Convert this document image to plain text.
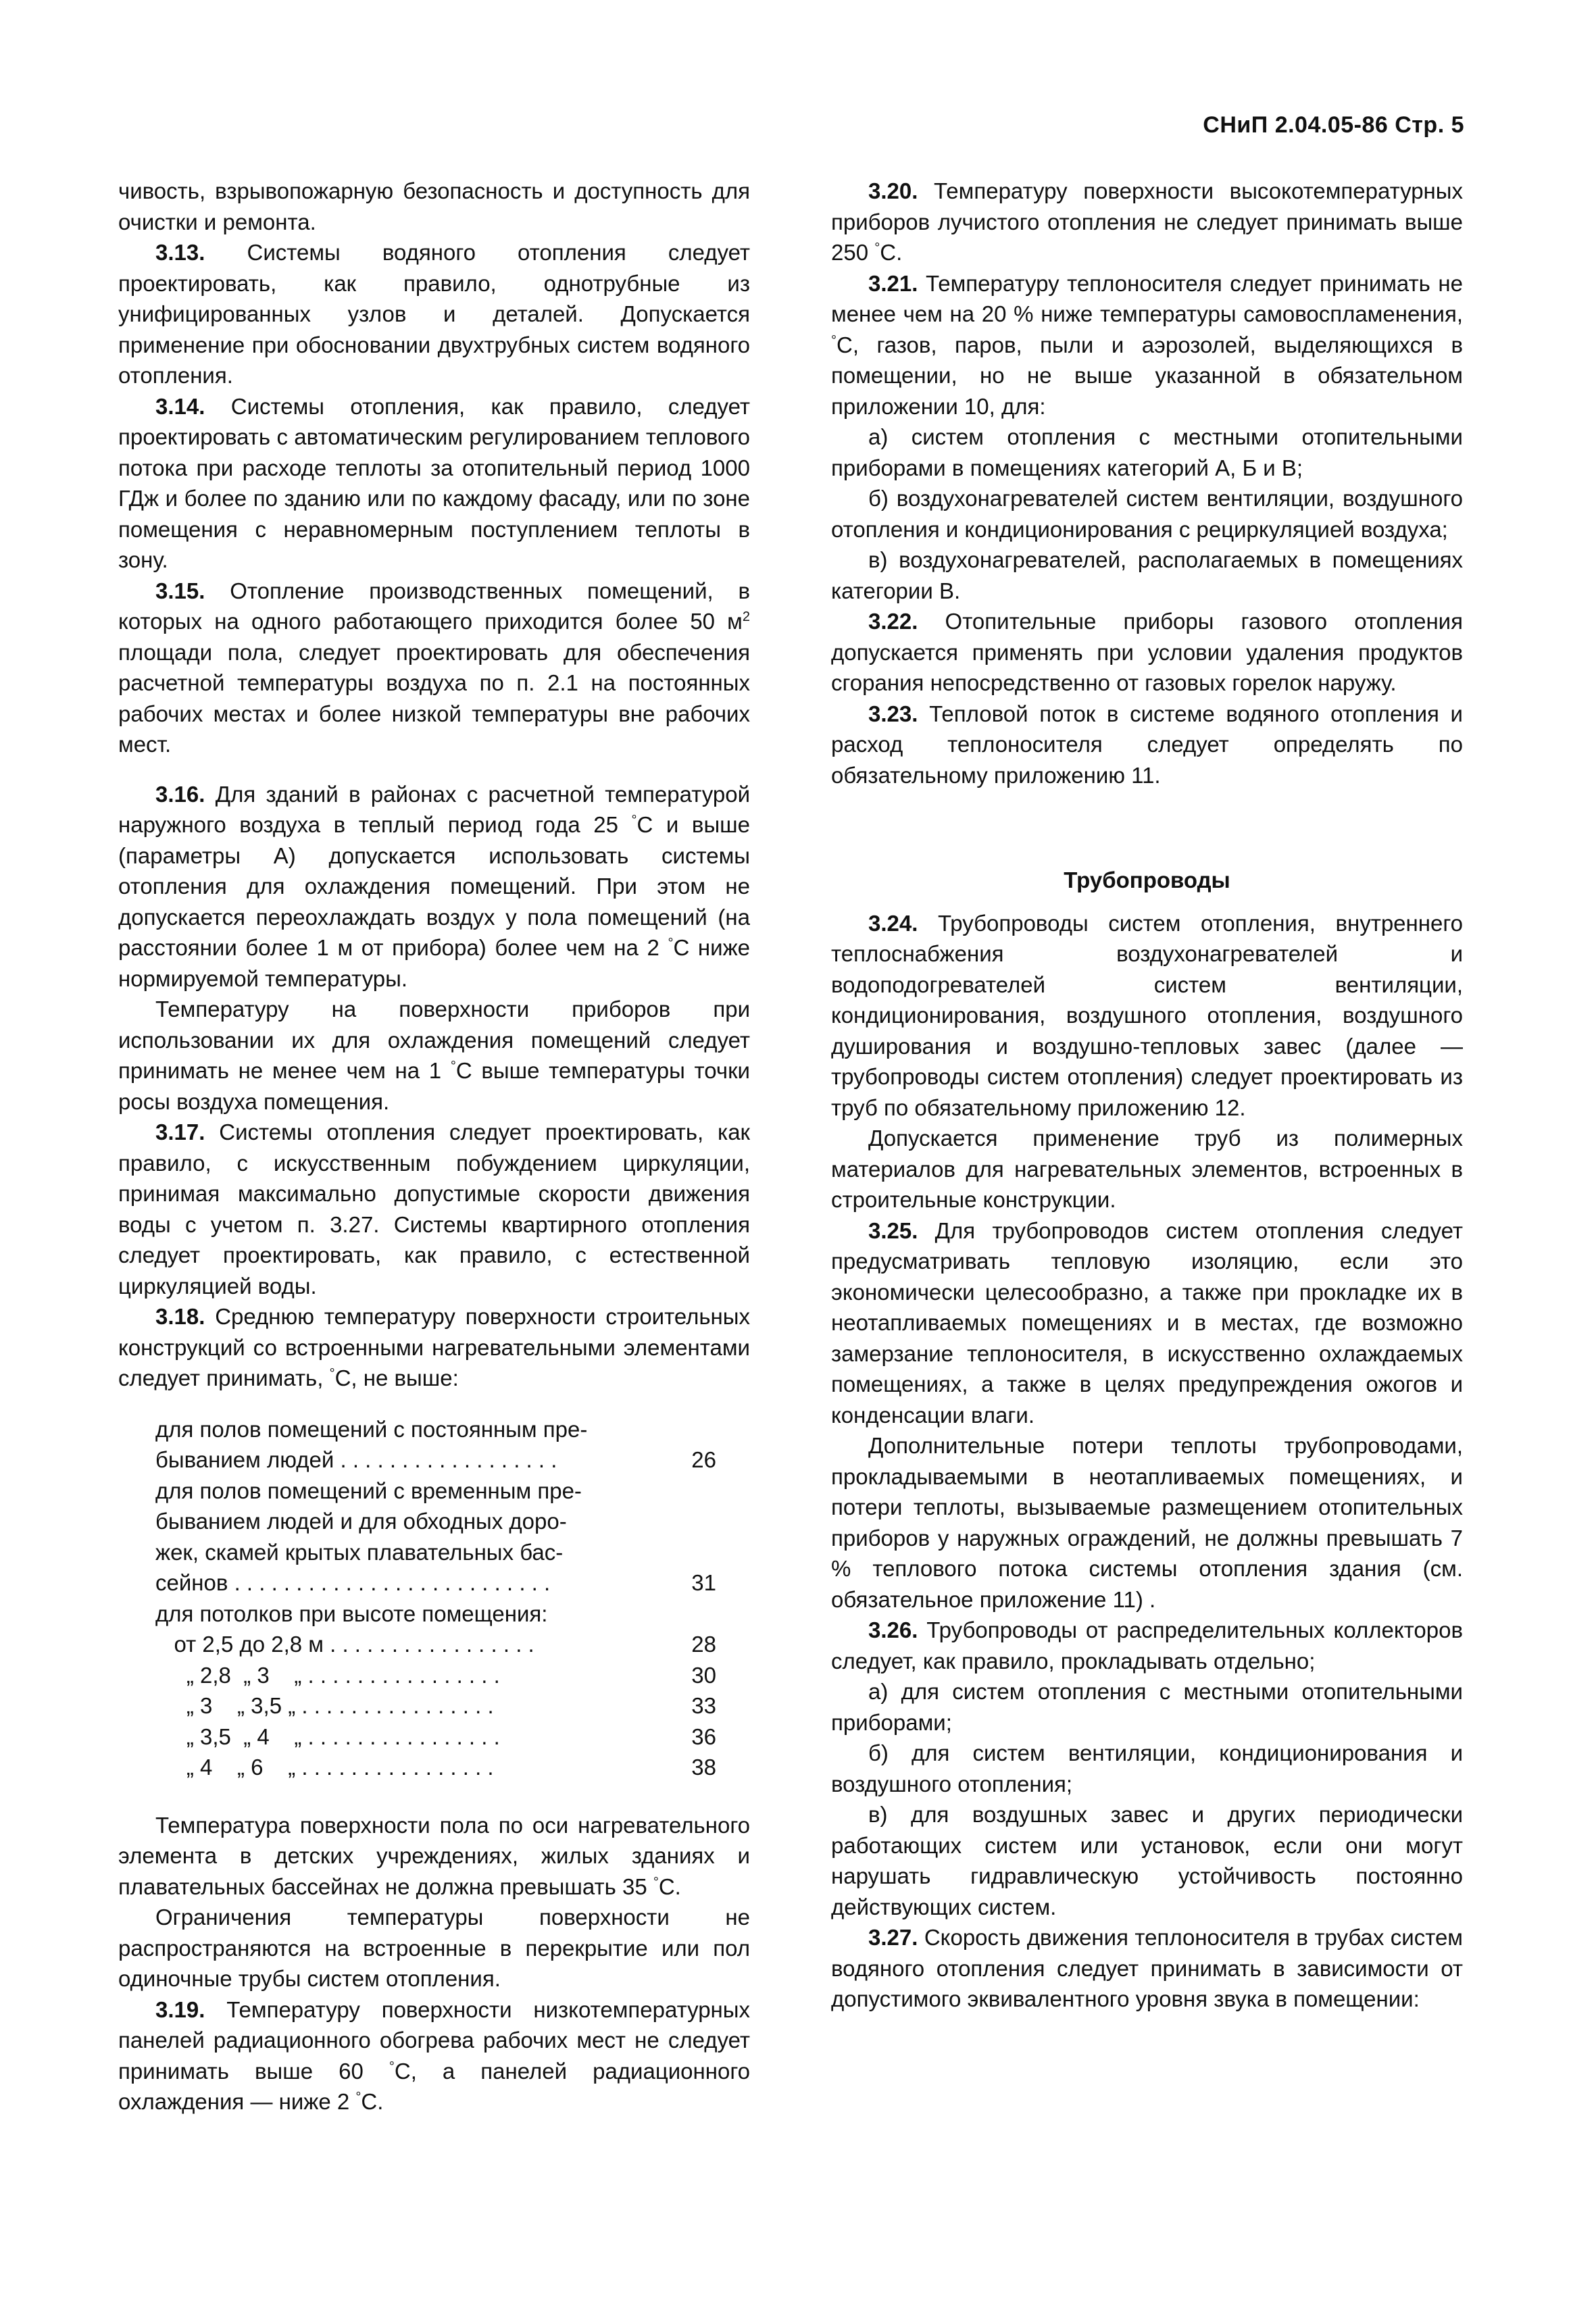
СНиП 2.04.05-86 Стр. 5

чивость, взрывопожарную безопасность и доступность для очистки и ремонта.

3.13. Системы водяного отопления следует проектировать, как правило, однотрубные из унифицированных узлов и деталей. Допускается применение при обосновании двухтрубных систем водяного отопления.

3.14. Системы отопления, как правило, следует проектировать с автоматическим регулированием теплового потока при расходе теплоты за отопительный период 1000 ГДж и более по зданию или по каждому фасаду, или по зоне помещения с неравномерным поступлением теплоты в зону.

3.15. Отопление производственных помещений, в которых на одного работающего приходится более 50 $м^2$ площади пола, следует проектировать для обеспечения расчетной температуры воздуха по п. 2.1 на постоянных рабочих местах и более низкой температуры вне рабочих мест.

3.16. Для зданий в районах с расчетной температурой наружного воздуха в теплый период года 25 °C и выше (параметры А) допускается использовать системы отопления для охлаждения помещений. При этом не допускается переохлаждать воздух у пола помещений (на расстоянии более 1 м от прибора) более чем на 2 °C ниже нормируемой температуры.

Температуру на поверхности приборов при использовании их для охлаждения помещений следует принимать не менее чем на 1 °C выше температуры точки росы воздуха помещения.

3.17. Системы отопления следует проектировать, как правило, с искусственным побуждением циркуляции, принимая максимально допустимые скорости движения воды с учетом п. 3.27. Системы квартирного отопления следует проектировать, как правило, с естественной циркуляцией воды.

3.18. Среднюю температуру поверхности строительных конструкций со встроенными нагревательными элементами следует принимать, °C, не выше:

для полов помещений с постоянным пре-
быванием людей . . . . . . . . . . . . . . . . . .	26
для полов помещений с временным пре-
быванием людей и для обходных доро-
жек, скамей крытых плавательных бас-
сейнов . . . . . . . . . . . . . . . . . . . . . . . . . .	31
для потолков при высоте помещения:
от 2,5 до 2,8 м . . . . . . . . . . . . . . . . .	28
„ 2,8  „ 3    „ . . . . . . . . . . . . . . . .	30
„ 3    „ 3,5 „ . . . . . . . . . . . . . . . .	33
„ 3,5  „ 4    „ . . . . . . . . . . . . . . . .	36
„ 4    „ 6    „ . . . . . . . . . . . . . . . .	38

Температура поверхности пола по оси нагревательного элемента в детских учреждениях, жилых зданиях и плавательных бассейнах не должна превышать 35 °C.

Ограничения температуры поверхности не распространяются на встроенные в перекрытие или пол одиночные трубы систем отопления.

3.19. Температуру поверхности низкотемпературных панелей радиационного обогрева рабочих мест не следует принимать выше 60 °C, а панелей радиационного охлаждения — ниже 2 °C.

3.20. Температуру поверхности высокотемпературных приборов лучистого отопления не следует принимать выше 250 °C.

3.21. Температуру теплоносителя следует принимать не менее чем на 20 % ниже температуры самовоспламенения, °C, газов, паров, пыли и аэрозолей, выделяющихся в помещении, но не выше указанной в обязательном приложении 10, для:

а) систем отопления с местными отопительными приборами в помещениях категорий А, Б и В;

б) воздухонагревателей систем вентиляции, воздушного отопления и кондиционирования с рециркуляцией воздуха;

в) воздухонагревателей, располагаемых в помещениях категории В.

3.22. Отопительные приборы газового отопления допускается применять при условии удаления продуктов сгорания непосредственно от газовых горелок наружу.

3.23. Тепловой поток в системе водяного отопления и расход теплоносителя следует определять по обязательному приложению 11.

Трубопроводы

3.24. Трубопроводы систем отопления, внутреннего теплоснабжения воздухонагревателей и водоподогревателей систем вентиляции, кондиционирования, воздушного отопления, воздушного душирования и воздушно-тепловых завес (далее — трубопроводы систем отопления) следует проектировать из труб по обязательному приложению 12.

Допускается применение труб из полимерных материалов для нагревательных элементов, встроенных в строительные конструкции.

3.25. Для трубопроводов систем отопления следует предусматривать тепловую изоляцию, если это экономически целесообразно, а также при прокладке их в неотапливаемых помещениях и в местах, где возможно замерзание теплоносителя, в искусственно охлаждаемых помещениях, а также в целях предупреждения ожогов и конденсации влаги.

Дополнительные потери теплоты трубопроводами, прокладываемыми в неотапливаемых помещениях, и потери теплоты, вызываемые размещением отопительных приборов у наружных ограждений, не должны превышать 7 % теплового потока системы отопления здания (см. обязательное приложение 11) .

3.26. Трубопроводы от распределительных коллекторов следует, как правило, прокладывать отдельно;

а) для систем отопления с местными отопительными приборами;

б) для систем вентиляции, кондиционирования и воздушного отопления;

в) для воздушных завес и других периодически работающих систем или установок, если они могут нарушать гидравлическую устойчивость постоянно действующих систем.

3.27. Скорость движения теплоносителя в трубах систем водяного отопления следует принимать в зависимости от допустимого эквивалентного уровня звука в помещении:
